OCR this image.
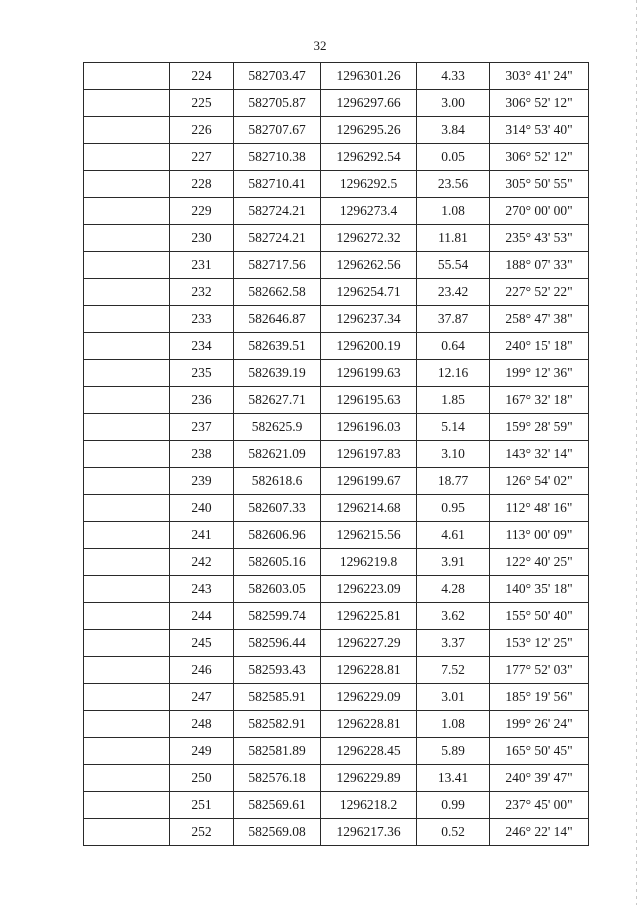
32
	224	582703.47	1296301.26	4.33	303° 41' 24"
	225	582705.87	1296297.66	3.00	306° 52' 12"
	226	582707.67	1296295.26	3.84	314° 53' 40"
	227	582710.38	1296292.54	0.05	306° 52' 12"
	228	582710.41	1296292.5	23.56	305° 50' 55"
	229	582724.21	1296273.4	1.08	270° 00' 00"
	230	582724.21	1296272.32	11.81	235° 43' 53"
	231	582717.56	1296262.56	55.54	188° 07' 33"
	232	582662.58	1296254.71	23.42	227° 52' 22"
	233	582646.87	1296237.34	37.87	258° 47' 38"
	234	582639.51	1296200.19	0.64	240° 15' 18"
	235	582639.19	1296199.63	12.16	199° 12' 36"
	236	582627.71	1296195.63	1.85	167° 32' 18"
	237	582625.9	1296196.03	5.14	159° 28' 59"
	238	582621.09	1296197.83	3.10	143° 32' 14"
	239	582618.6	1296199.67	18.77	126° 54' 02"
	240	582607.33	1296214.68	0.95	112° 48' 16"
	241	582606.96	1296215.56	4.61	113° 00' 09"
	242	582605.16	1296219.8	3.91	122° 40' 25"
	243	582603.05	1296223.09	4.28	140° 35' 18"
	244	582599.74	1296225.81	3.62	155° 50' 40"
	245	582596.44	1296227.29	3.37	153° 12' 25"
	246	582593.43	1296228.81	7.52	177° 52' 03"
	247	582585.91	1296229.09	3.01	185° 19' 56"
	248	582582.91	1296228.81	1.08	199° 26' 24"
	249	582581.89	1296228.45	5.89	165° 50' 45"
	250	582576.18	1296229.89	13.41	240° 39' 47"
	251	582569.61	1296218.2	0.99	237° 45' 00"
	252	582569.08	1296217.36	0.52	246° 22' 14"
